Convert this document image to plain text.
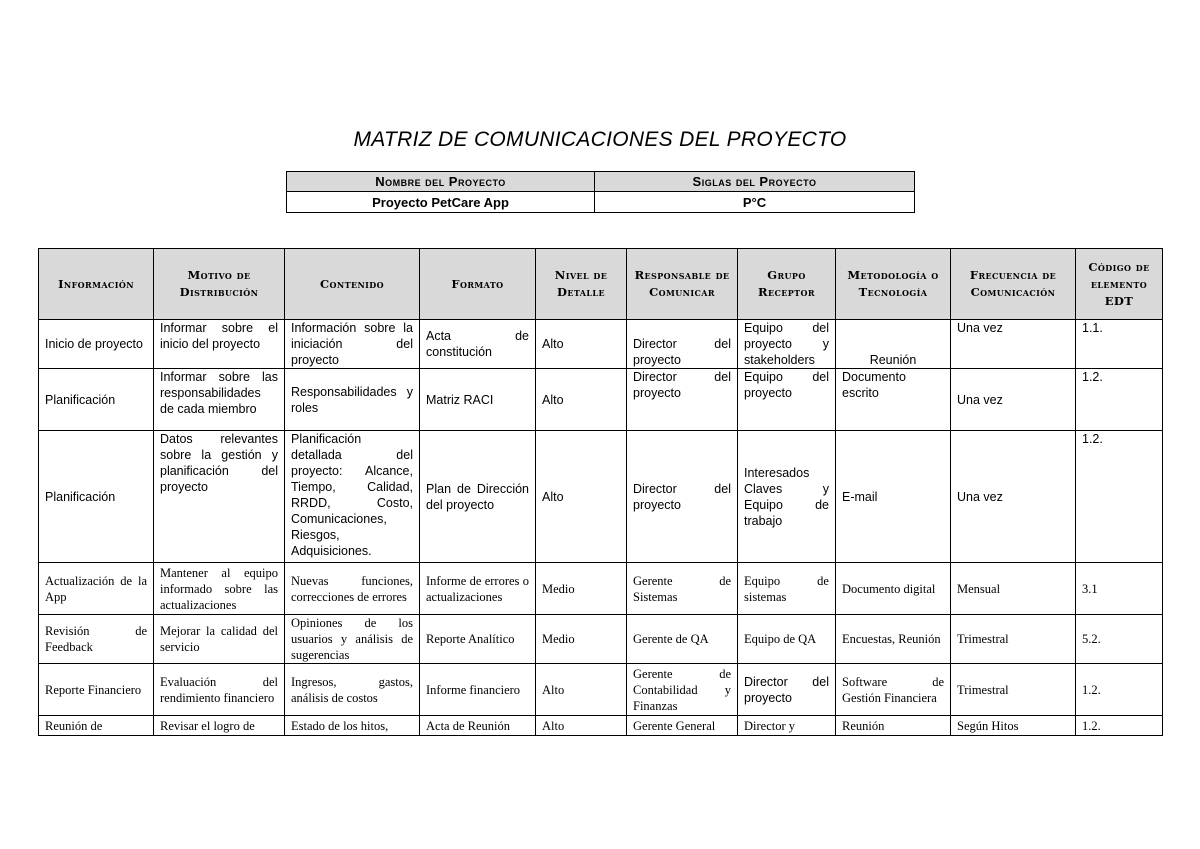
MATRIZ DE COMUNICACIONES DEL PROYECTO
Nombre del Proyecto	Siglas del Proyecto
Proyecto PetCare App	P°C
Información	Motivo de Distribución	Contenido	Formato	Nivel de Detalle	Responsable de Comunicar	Grupo Receptor	Metodología o Tecnología	Frecuencia de Comunicación	Código de elemento EDT
Inicio de proyecto	Informar sobre el inicio del proyecto	Información sobre la iniciación del proyecto	Acta de constitución	Alto	Director del proyecto	Equipo del proyecto y stakeholders	Reunión	Una vez	1.1.
Planificación	Informar sobre las responsabilidades de cada miembro	Responsabilidades y roles	Matriz RACI	Alto	Director del proyecto	Equipo del proyecto	Documento escrito	Una vez	1.2.
Planificación	Datos relevantes sobre la gestión y planificación del proyecto	Planificación detallada del proyecto: Alcance, Tiempo, Calidad, RRDD, Costo, Comunicaciones, Riesgos, Adquisiciones.	Plan de Dirección del proyecto	Alto	Director del proyecto	Interesados Claves y Equipo de trabajo	E-mail	Una vez	1.2.
Actualización de la App	Mantener al equipo informado sobre las actualizaciones	Nuevas funciones, correcciones de errores	Informe de errores o actualizaciones	Medio	Gerente de Sistemas	Equipo de sistemas	Documento digital	Mensual	3.1
Revisión de Feedback	Mejorar la calidad del servicio	Opiniones de los usuarios y análisis de sugerencias	Reporte Analítico	Medio	Gerente de QA	Equipo de QA	Encuestas, Reunión	Trimestral	5.2.
Reporte Financiero	Evaluación del rendimiento financiero	Ingresos, gastos, análisis de costos	Informe financiero	Alto	Gerente de Contabilidad y Finanzas	Director del proyecto	Software de Gestión Financiera	Trimestral	1.2.
Reunión de	Revisar el logro de	Estado de los hitos,	Acta de Reunión	Alto	Gerente General	Director y	Reunión	Según Hitos	1.2.
